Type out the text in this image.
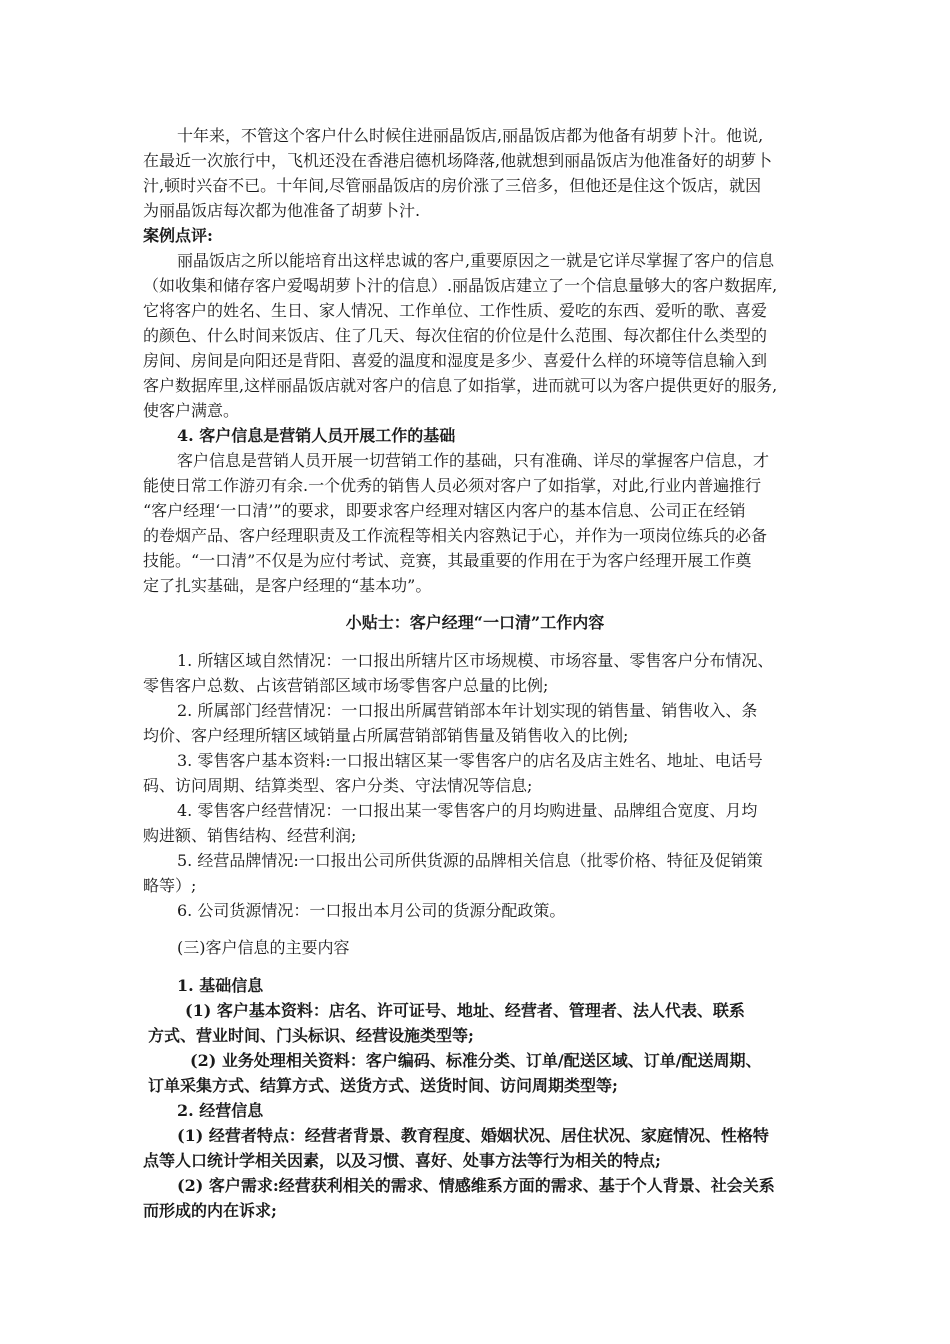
十年来，不管这个客户什么时候住进丽晶饭店,丽晶饭店都为他备有胡萝卜汁。他说,
在最近一次旅行中，飞机还没在香港启德机场降落,他就想到丽晶饭店为他准备好的胡萝卜
汁,顿时兴奋不已。十年间,尽管丽晶饭店的房价涨了三倍多，但他还是住这个饭店，就因
为丽晶饭店每次都为他准备了胡萝卜汁.
案例点评:
丽晶饭店之所以能培育出这样忠诚的客户,重要原因之一就是它详尽掌握了客户的信息
（如收集和储存客户爱喝胡萝卜汁的信息）.丽晶饭店建立了一个信息量够大的客户数据库,
它将客户的姓名、生日、家人情况、工作单位、工作性质、爱吃的东西、爱听的歌、喜爱
的颜色、什么时间来饭店、住了几天、每次住宿的价位是什么范围、每次都住什么类型的
房间、房间是向阳还是背阳、喜爱的温度和湿度是多少、喜爱什么样的环境等信息输入到
客户数据库里,这样丽晶饭店就对客户的信息了如指掌，进而就可以为客户提供更好的服务,
使客户满意。
4. 客户信息是营销人员开展工作的基础
客户信息是营销人员开展一切营销工作的基础，只有准确、详尽的掌握客户信息，才
能使日常工作游刃有余.一个优秀的销售人员必须对客户了如指掌，对此,行业内普遍推行
“客户经理‘一口清’”的要求，即要求客户经理对辖区内客户的基本信息、公司正在经销
的卷烟产品、客户经理职责及工作流程等相关内容熟记于心，并作为一项岗位练兵的必备
技能。“一口清”不仅是为应付考试、竞赛，其最重要的作用在于为客户经理开展工作奠
定了扎实基础，是客户经理的“基本功”。
小贴士：客户经理“一口清”工作内容
1. 所辖区域自然情况：一口报出所辖片区市场规模、市场容量、零售客户分布情况、
零售客户总数、占该营销部区域市场零售客户总量的比例;
2. 所属部门经营情况：一口报出所属营销部本年计划实现的销售量、销售收入、条
均价、客户经理所辖区域销量占所属营销部销售量及销售收入的比例;
3. 零售客户基本资料:一口报出辖区某一零售客户的店名及店主姓名、地址、电话号
码、访问周期、结算类型、客户分类、守法情况等信息;
4. 零售客户经营情况：一口报出某一零售客户的月均购进量、品牌组合宽度、月均
购进额、销售结构、经营利润;
5. 经营品牌情况:一口报出公司所供货源的品牌相关信息（批零价格、特征及促销策
略等）;
6. 公司货源情况：一口报出本月公司的货源分配政策。
(三)客户信息的主要内容
1. 基础信息
(1) 客户基本资料：店名、许可证号、地址、经营者、管理者、法人代表、联系
方式、营业时间、门头标识、经营设施类型等;
(2) 业务处理相关资料：客户编码、标准分类、订单/配送区域、订单/配送周期、
订单采集方式、结算方式、送货方式、送货时间、访问周期类型等;
2. 经营信息
(1) 经营者特点：经营者背景、教育程度、婚姻状况、居住状况、家庭情况、性格特
点等人口统计学相关因素，以及习惯、喜好、处事方法等行为相关的特点;
(2) 客户需求:经营获利相关的需求、情感维系方面的需求、基于个人背景、社会关系
而形成的内在诉求;
